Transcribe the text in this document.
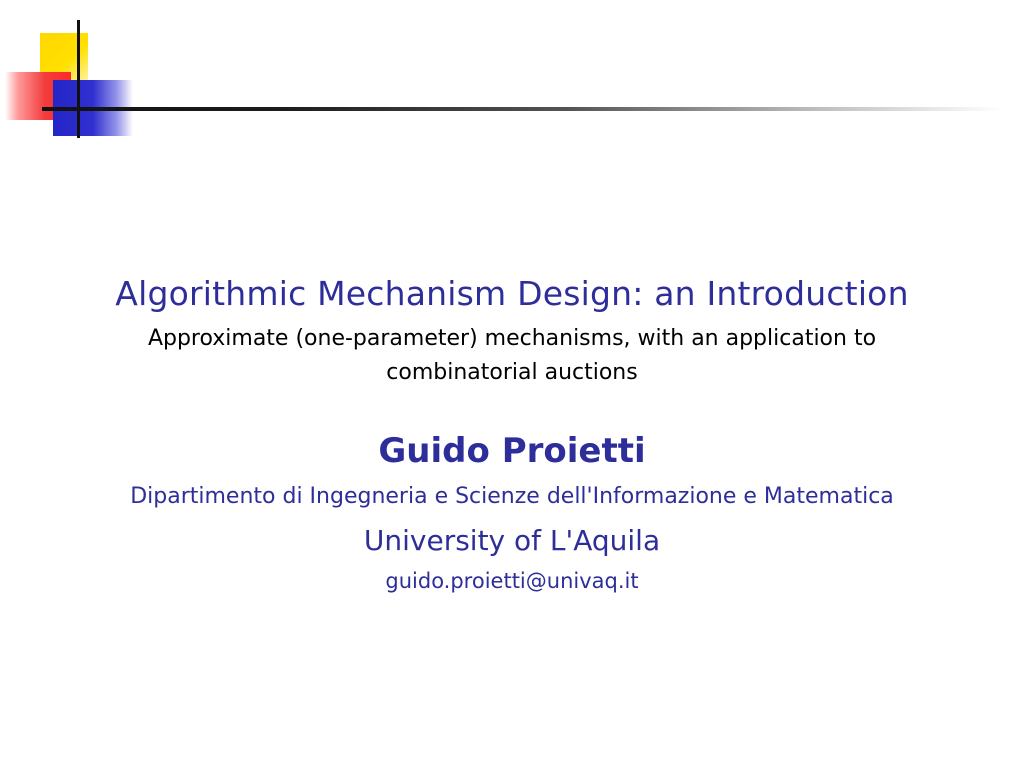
Algorithmic Mechanism Design: an Introduction
Approximate (one-parameter) mechanisms, with an application to
combinatorial auctions
Guido Proietti
Dipartimento di Ingegneria e Scienze dell'Informazione e Matematica
University of L'Aquila
guido.proietti@univaq.it
